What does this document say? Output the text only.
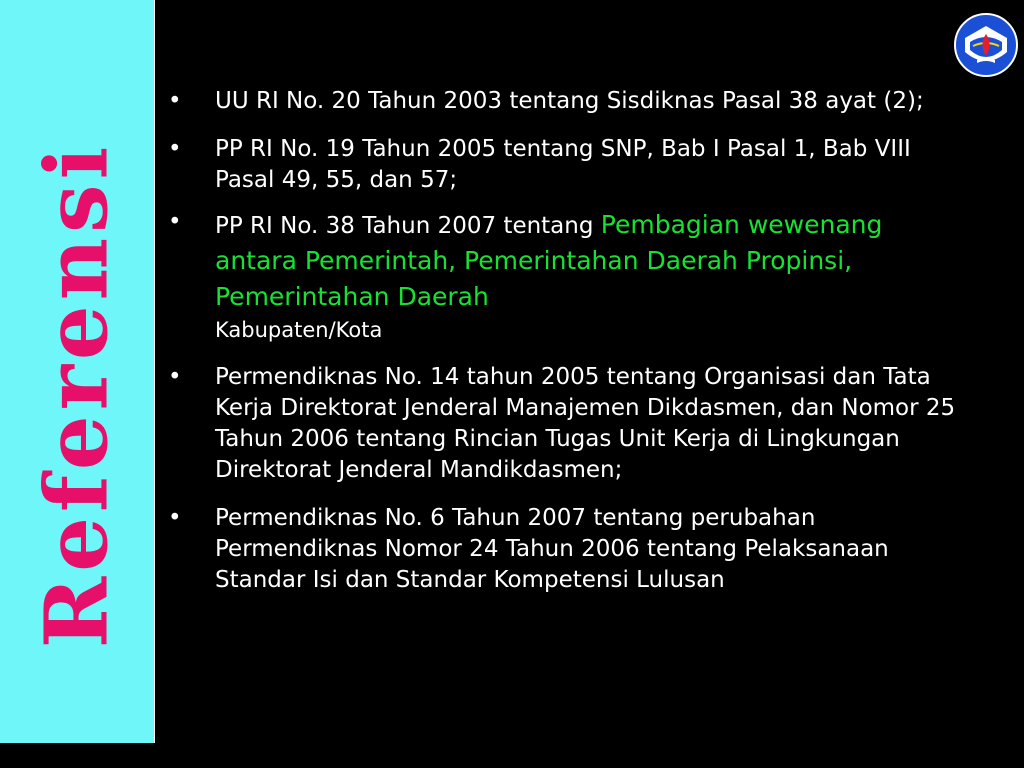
Referensi
• UU RI No. 20 Tahun 2003 tentang Sisdiknas Pasal 38 ayat (2);
• PP RI No. 19 Tahun 2005 tentang SNP, Bab I Pasal 1, Bab VIII Pasal 49, 55, dan 57;
• PP RI No. 38 Tahun 2007 tentang Pembagian wewenang antara Pemerintah, Pemerintahan Daerah Propinsi, Pemerintahan Daerah
Kabupaten/Kota
• Permendiknas No. 14 tahun 2005 tentang Organisasi dan Tata Kerja Direktorat Jenderal Manajemen Dikdasmen, dan Nomor 25 Tahun 2006 tentang Rincian Tugas Unit Kerja di Lingkungan Direktorat Jenderal Mandikdasmen;
• Permendiknas No. 6 Tahun 2007 tentang perubahan Permendiknas Nomor 24 Tahun 2006 tentang Pelaksanaan Standar Isi dan Standar Kompetensi Lulusan
